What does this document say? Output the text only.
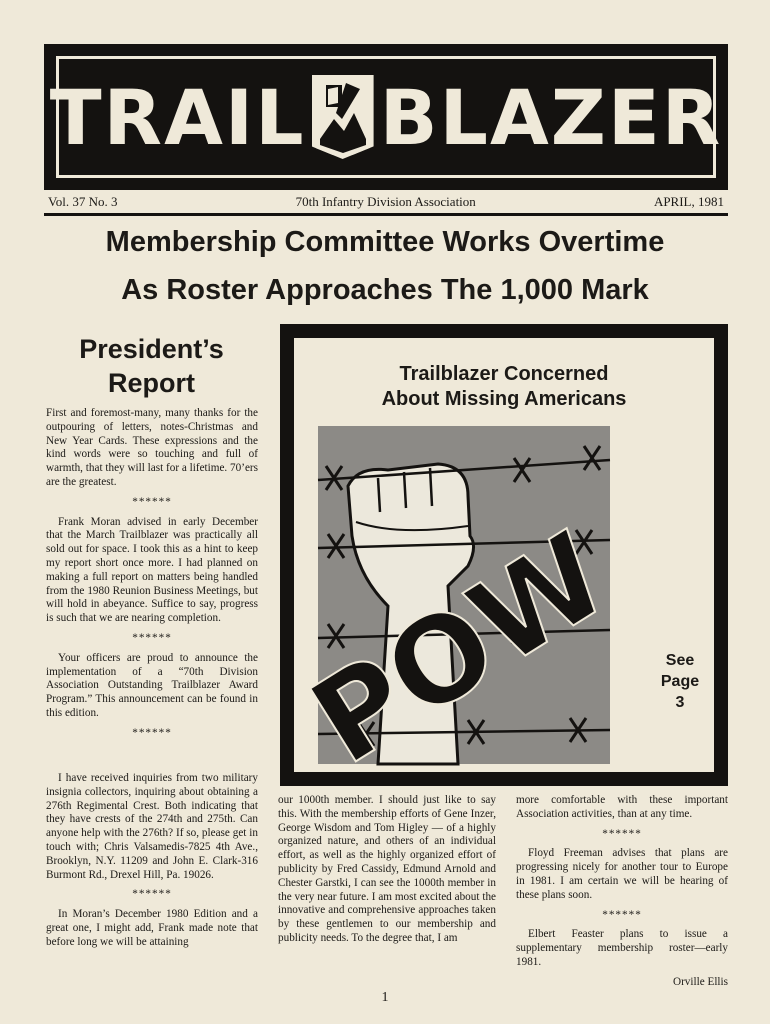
TRAIL BLAZER
Vol. 37 No. 3	70th Infantry Division Association	APRIL, 1981
Membership Committee Works Overtime
As Roster Approaches The 1,000 Mark
President’s
Report

First and foremost-many, many thanks for the outpouring of letters, notes-Christmas and New Year Cards. These expressions and the kind words were so touching and full of warmth, that they will last for a lifetime. 70’ers are the greatest.

******

Frank Moran advised in early December that the March Trailblazer was practically all sold out for space. I took this as a hint to keep my report short once more. I had planned on making a full report on matters being handled from the 1980 Reunion Business Meetings, but will hold in abeyance. Suffice to say, progress is such that we are nearing completion.

******

Your officers are proud to announce the implementation of a “70th Division Association Outstanding Trailblazer Award Program.” This announcement can be found in this edition.

******

I have received inquiries from two military insignia collectors, inquiring about obtaining a 276th Regimental Crest. Both indicating that they have crests of the 274th and 275th. Can anyone help with the 276th? If so, please get in touch with; Chris Valsamedis-7825 4th Ave., Brooklyn, N.Y. 11209 and John E. Clark-316 Burmont Rd., Drexel Hill, Pa. 19026.

******

In Moran’s December 1980 Edition and a great one, I might add, Frank made note that before long we will be attaining

our 1000th member. I should just like to say this. With the membership efforts of Gene Inzer, George Wisdom and Tom Higley — of a highly organized nature, and others of an individual effort, as well as the highly organized effort of publicity by Fred Cassidy, Edmund Arnold and Chester Garstki, I can see the 1000th member in the very near future. I am most excited about the innovative and comprehensive approaches taken by these gentlemen to our membership and publicity needs. To the degree that, I am

more comfortable with these important Association activities, than at any time.

******

Floyd Freeman advises that plans are progressing nicely for another tour to Europe in 1981. I am certain we will be hearing of these plans soon.

******

Elbert Feaster plans to issue a supplementary membership roster—early 1981.

Orville Ellis
Trailblazer Concerned
About Missing Americans
POW	See
Page
3
1
